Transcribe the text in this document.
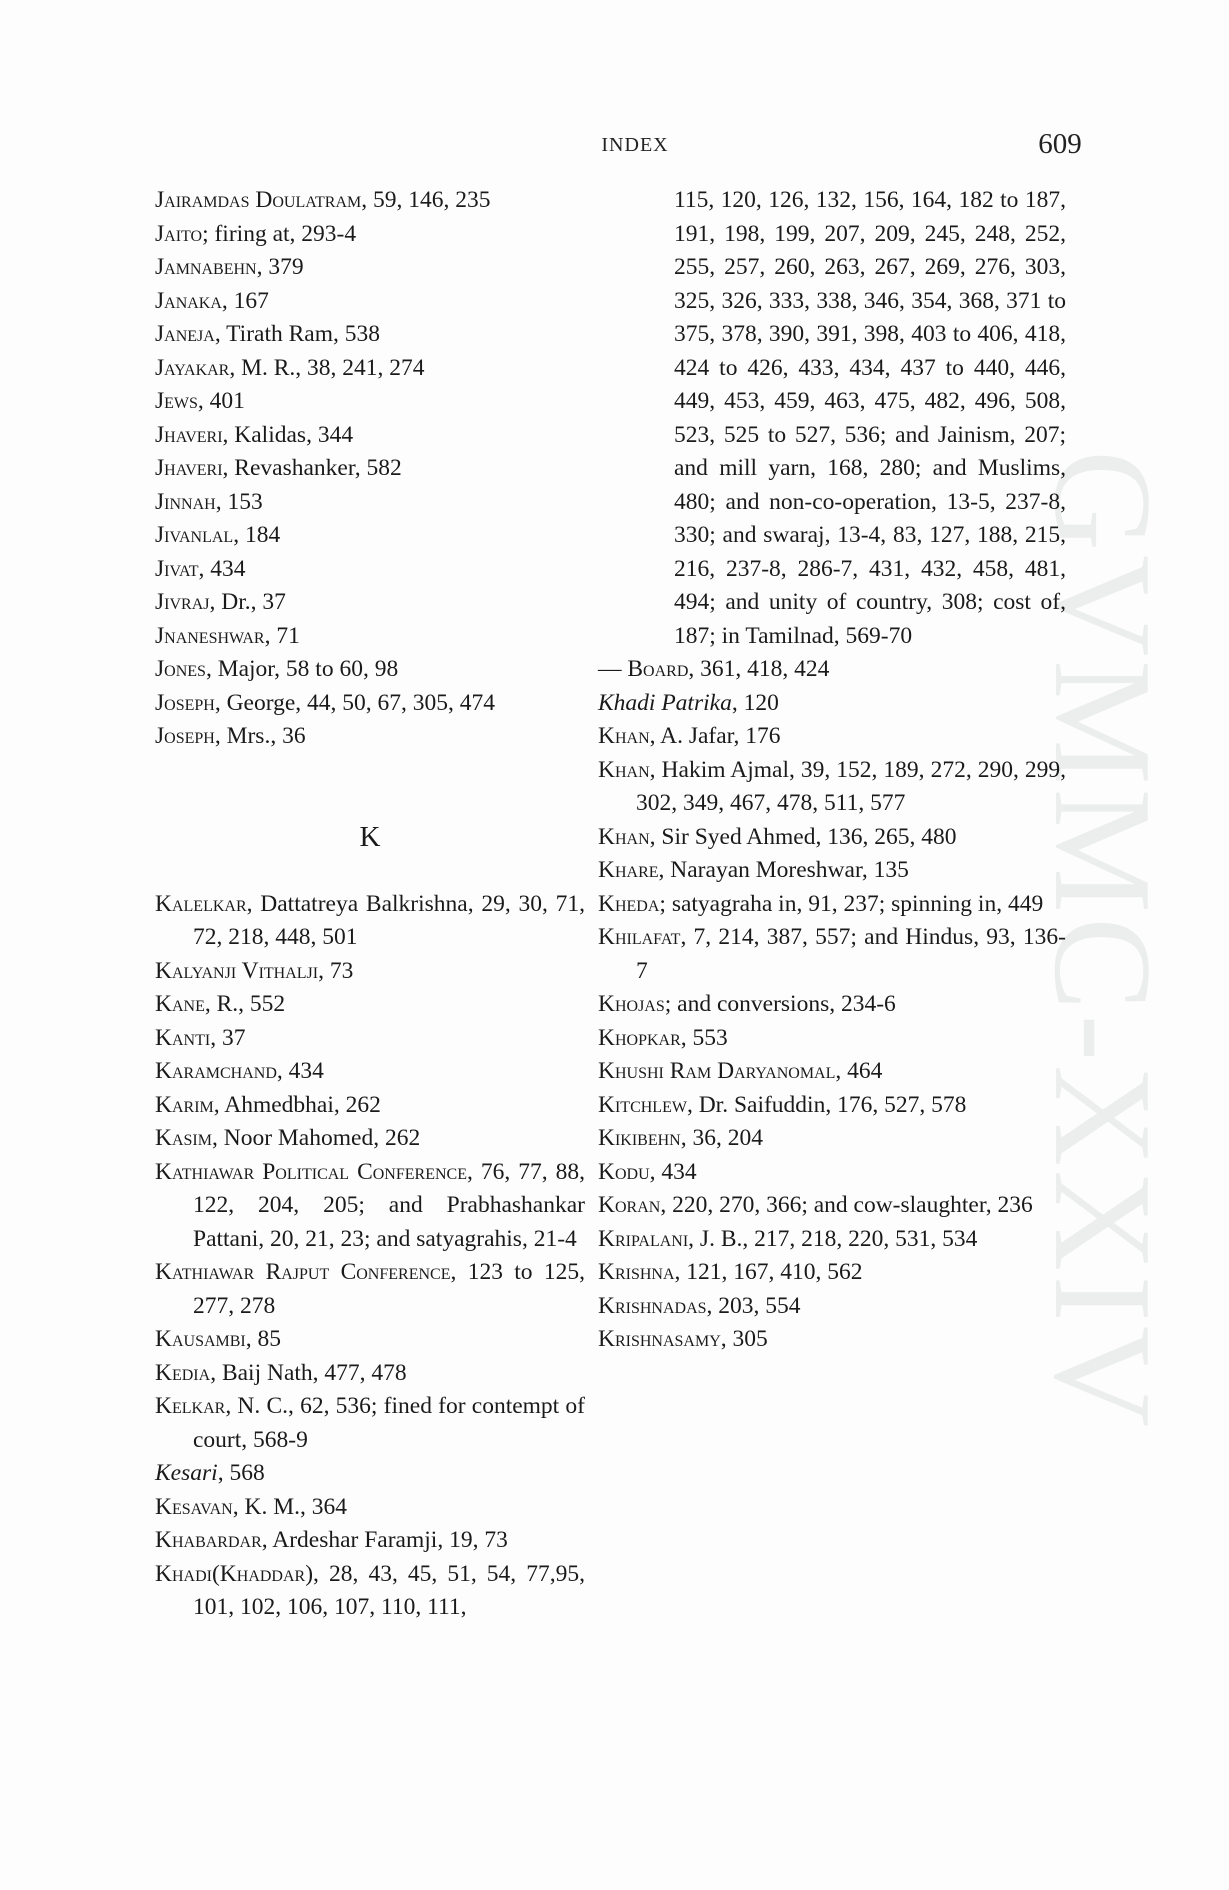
GVMMC-XXIV
INDEX	609

Jairamdas Doulatram, 59, 146, 235

Jaito; firing at, 293-4

Jamnabehn, 379

Janaka, 167

Janeja, Tirath Ram, 538

Jayakar, M. R., 38, 241, 274

Jews, 401

Jhaveri, Kalidas, 344

Jhaveri, Revashanker, 582

Jinnah, 153

Jivanlal, 184

Jivat, 434

Jivraj, Dr., 37

Jnaneshwar, 71

Jones, Major, 58 to 60, 98

Joseph, George, 44, 50, 67, 305, 474

Joseph, Mrs., 36

K

Kalelkar, Dattatreya Balkrishna, 29, 30, 71, 72, 218, 448, 501

Kalyanji Vithalji, 73

Kane, R., 552

Kanti, 37

Karamchand, 434

Karim, Ahmedbhai, 262

Kasim, Noor Mahomed, 262

Kathiawar Political Conference, 76, 77, 88, 122, 204, 205; and Prabhashankar Pattani, 20, 21, 23; and satyagrahis, 21-4

Kathiawar Rajput Conference, 123 to 125, 277, 278

Kausambi, 85

Kedia, Baij Nath, 477, 478

Kelkar, N. C., 62, 536; fined for contempt of court, 568-9

Kesari, 568

Kesavan, K. M., 364

Khabardar, Ardeshar Faramji, 19, 73

Khadi(Khaddar), 28, 43, 45, 51, 54, 77,95, 101, 102, 106, 107, 110, 111,

115, 120, 126, 132, 156, 164, 182 to 187, 191, 198, 199, 207, 209, 245, 248, 252, 255, 257, 260, 263, 267, 269, 276, 303, 325, 326, 333, 338, 346, 354, 368, 371 to 375, 378, 390, 391, 398, 403 to 406, 418, 424 to 426, 433, 434, 437 to 440, 446, 449, 453, 459, 463, 475, 482, 496, 508, 523, 525 to 527, 536; and Jainism, 207; and mill yarn, 168, 280; and Muslims, 480; and non-co-operation, 13-5, 237-8, 330; and swaraj, 13-4, 83, 127, 188, 215, 216, 237-8, 286-7, 431, 432, 458, 481, 494; and unity of country, 308; cost of, 187; in Tamilnad, 569-70

— Board, 361, 418, 424

Khadi Patrika, 120

Khan, A. Jafar, 176

Khan, Hakim Ajmal, 39, 152, 189, 272, 290, 299, 302, 349, 467, 478, 511, 577

Khan, Sir Syed Ahmed, 136, 265, 480

Khare, Narayan Moreshwar, 135

Kheda; satyagraha in, 91, 237; spinning in, 449

Khilafat, 7, 214, 387, 557; and Hindus, 93, 136-7

Khojas; and conversions, 234-6

Khopkar, 553

Khushi Ram Daryanomal, 464

Kitchlew, Dr. Saifuddin, 176, 527, 578

Kikibehn, 36, 204

Kodu, 434

Koran, 220, 270, 366; and cow-slaughter, 236

Kripalani, J. B., 217, 218, 220, 531, 534

Krishna, 121, 167, 410, 562

Krishnadas, 203, 554

Krishnasamy, 305
